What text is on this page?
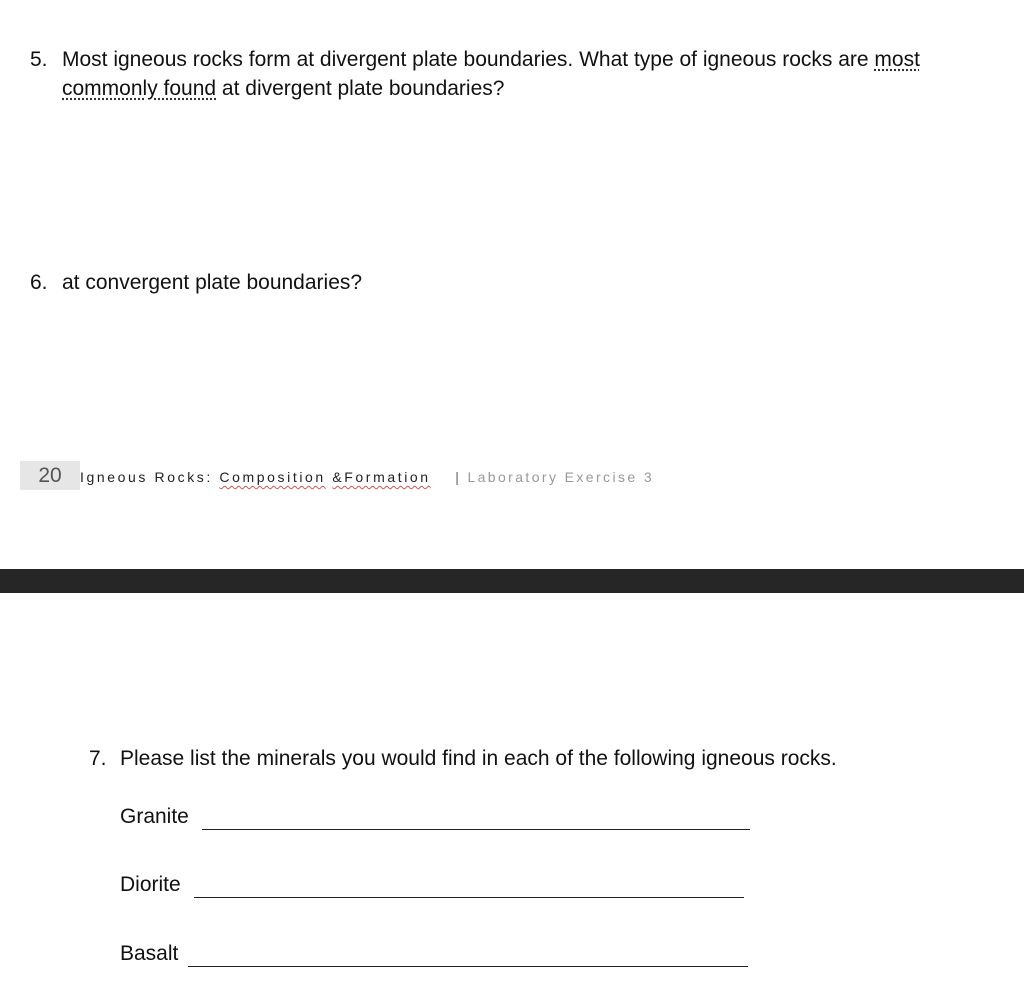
5. Most igneous rocks form at divergent plate boundaries. What type of igneous rocks are most commonly found at divergent plate boundaries?
6. at convergent plate boundaries?
20	Igneous Rocks: Composition &Formation | Laboratory Exercise 3
7. Please list the minerals you would find in each of the following igneous rocks.
Granite
Diorite
Basalt
